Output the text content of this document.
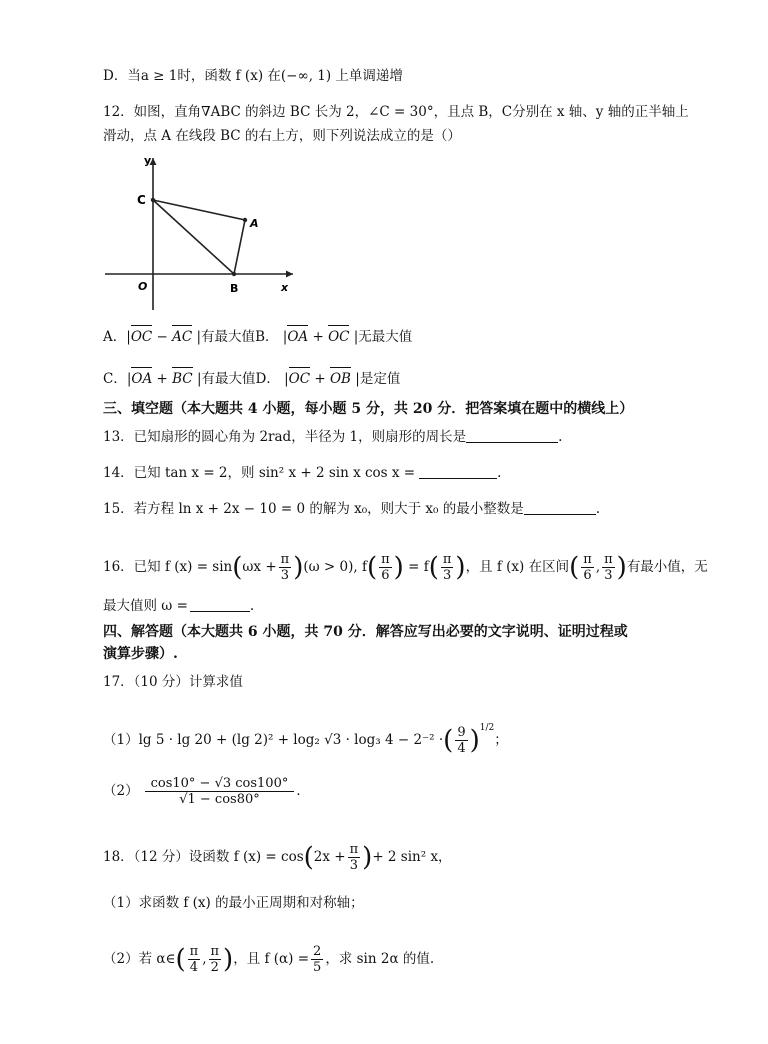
D．当a ≥ 1时，函数 f (x) 在(−∞, 1) 上单调递增
12．如图，直角∇ABC 的斜边 BC 长为 2，∠C = 30°，且点 B，C分别在 x 轴、y 轴的正半轴上
滑动，点 A 在线段 BC 的右上方，则下列说法成立的是（）
y
C
A
O	B	x
A．|OC − AC |有最大值B． |OA + OC |无最大值
C．|OA + BC |有最大值D． |OC + OB |是定值
三、填空题（本大题共 4 小题，每小题 5 分，共 20 分．把答案填在题中的横线上）
13．已知扇形的圆心角为 2rad，半径为 1，则扇形的周长是	.
14．已知 tan x = 2，则 sin² x + 2 sin x cos x =	.
15．若方程 ln x + 2x − 10 = 0 的解为 x₀，则大于 x₀ 的最小整数是	.
16．已知 f $(x) = \sin(\omega x + \frac{\pi}{3} )(\omega > 0)$, $f( \frac{\pi}{6}$ ) = $f( \frac{\pi}{3}$ )，且 f (x) 在区间( $\frac{\pi}{6}$ , $\frac{\pi}{3}$ )有最小值，无
最大值则 ω =	.
四、解答题（本大题共 6 小题，共 70 分．解答应写出必要的文字说明、证明过程或
演算步骤）.
17．（10 分）计算求值
（1）lg 5 · lg 20 + (lg 2)² + log₂ √3 · log₃ 4 − 2⁻² ·( $\frac{9}{4} )^{1/2}$；
$(2) \frac{\cos 10^\circ - √3 \cos 100^\circ}{√1 - \cos 80^\circ}$ ．
18．（12 分）设函数 f $(x) = \cos(2x + \frac{\pi}{3}$ )+ 2 sin² x，
（1）求函数 f (x) 的最小正周期和对称轴；
（2）若 α∈( $\frac{\pi}{4}$ , $\frac{\pi}{2}$ )，且 f $(\alpha) = \frac{2}{5}$ ，求 sin 2α 的值.
